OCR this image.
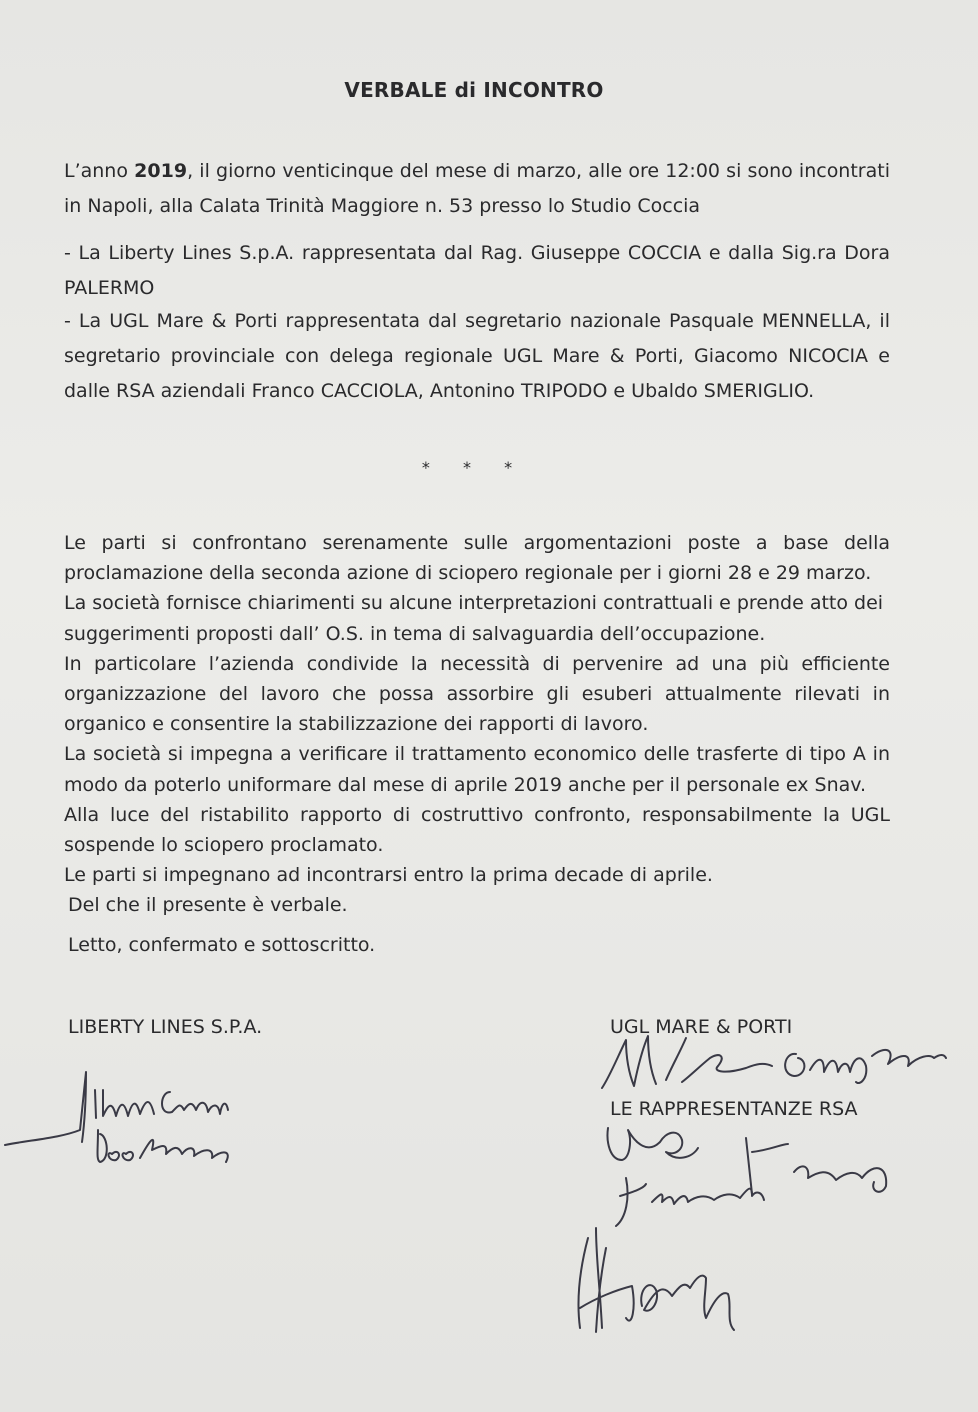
VERBALE di INCONTRO
L’anno 2019, il giorno venticinque del mese di marzo, alle ore 12:00 si sono incontrati
in Napoli, alla Calata Trinità Maggiore n. 53 presso lo Studio Coccia
- La Liberty Lines S.p.A. rappresentata dal Rag. Giuseppe COCCIA e dalla Sig.ra Dora
PALERMO
- La UGL Mare & Porti rappresentata dal segretario nazionale Pasquale MENNELLA, il
segretario provinciale con delega regionale UGL Mare & Porti, Giacomo NICOCIA e
dalle RSA aziendali Franco CACCIOLA, Antonino TRIPODO e Ubaldo SMERIGLIO.
* * *
Le parti si confrontano serenamente sulle argomentazioni poste a base della
proclamazione della seconda azione di sciopero regionale per i giorni 28 e 29 marzo.
La società fornisce chiarimenti su alcune interpretazioni contrattuali e prende atto dei
suggerimenti proposti dall’ O.S. in tema di salvaguardia dell’occupazione.
In particolare l’azienda condivide la necessità di pervenire ad una più efficiente
organizzazione del lavoro che possa assorbire gli esuberi attualmente rilevati in
organico e consentire la stabilizzazione dei rapporti di lavoro.
La società si impegna a verificare il trattamento economico delle trasferte di tipo A in
modo da poterlo uniformare dal mese di aprile 2019 anche per il personale ex Snav.
Alla luce del ristabilito rapporto di costruttivo confronto, responsabilmente la UGL
sospende lo sciopero proclamato.
Le parti si impegnano ad incontrarsi entro la prima decade di aprile.
Del che il presente è verbale.
Letto, confermato e sottoscritto.
LIBERTY LINES S.P.A.	UGL MARE & PORTI
LE RAPPRESENTANZE RSA
